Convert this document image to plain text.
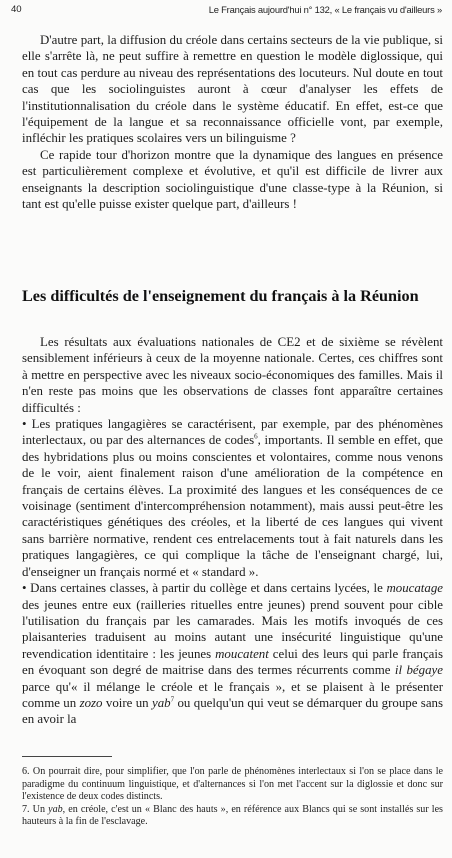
40	Le Français aujourd'hui n° 132, « Le français vu d'ailleurs »

D'autre part, la diffusion du créole dans certains secteurs de la vie publique, si elle s'arrête là, ne peut suffire à remettre en question le modèle diglossique, qui en tout cas perdure au niveau des représentations des locuteurs. Nul doute en tout cas que les sociolinguistes auront à cœur d'analyser les effets de l'institutionnalisation du créole dans le système éducatif. En effet, est-ce que l'équipement de la langue et sa reconnaissance officielle vont, par exemple, infléchir les pratiques scolaires vers un bilinguisme ?

Ce rapide tour d'horizon montre que la dynamique des langues en présence est particulièrement complexe et évolutive, et qu'il est difficile de livrer aux enseignants la description sociolinguistique d'une classe-type à la Réunion, si tant est qu'elle puisse exister quelque part, d'ailleurs !

Les difficultés de l'enseignement du français à la Réunion

Les résultats aux évaluations nationales de CE2 et de sixième se révèlent sensiblement inférieurs à ceux de la moyenne nationale. Certes, ces chiffres sont à mettre en perspective avec les niveaux socio-économiques des familles. Mais il n'en reste pas moins que les observations de classes font apparaître certaines difficultés :

• Les pratiques langagières se caractérisent, par exemple, par des phénomènes interlectaux, ou par des alternances de codes$^6$, importants. Il semble en effet, que des hybridations plus ou moins conscientes et volontaires, comme nous venons de le voir, aient finalement raison d'une amélioration de la compétence en français de certains élèves. La proximité des langues et les conséquences de ce voisinage (sentiment d'intercompréhension notamment), mais aussi peut-être les caractéristiques génétiques des créoles, et la liberté de ces langues qui vivent sans barrière normative, rendent ces entrelacements tout à fait naturels dans les pratiques langagières, ce qui complique la tâche de l'enseignant chargé, lui, d'enseigner un français normé et « standard ».

• Dans certaines classes, à partir du collège et dans certains lycées, le moucatage des jeunes entre eux (railleries rituelles entre jeunes) prend souvent pour cible l'utilisation du français par les camarades. Mais les motifs invoqués de ces plaisanteries traduisent au moins autant une insécurité linguistique qu'une revendication identitaire : les jeunes moucatent celui des leurs qui parle français en évoquant son degré de maitrise dans des termes récurrents comme il bégaye parce qu'« il mélange le créole et le français », et se plaisent à le présenter comme un zozo voire un yab$^7$ ou quelqu'un qui veut se démarquer du groupe sans en avoir la

6. On pourrait dire, pour simplifier, que l'on parle de phénomènes interlectaux si l'on se place dans le paradigme du continuum linguistique, et d'alternances si l'on met l'accent sur la diglossie et donc sur l'existence de deux codes distincts.

7. Un yab, en créole, c'est un « Blanc des hauts », en référence aux Blancs qui se sont installés sur les hauteurs à la fin de l'esclavage.
